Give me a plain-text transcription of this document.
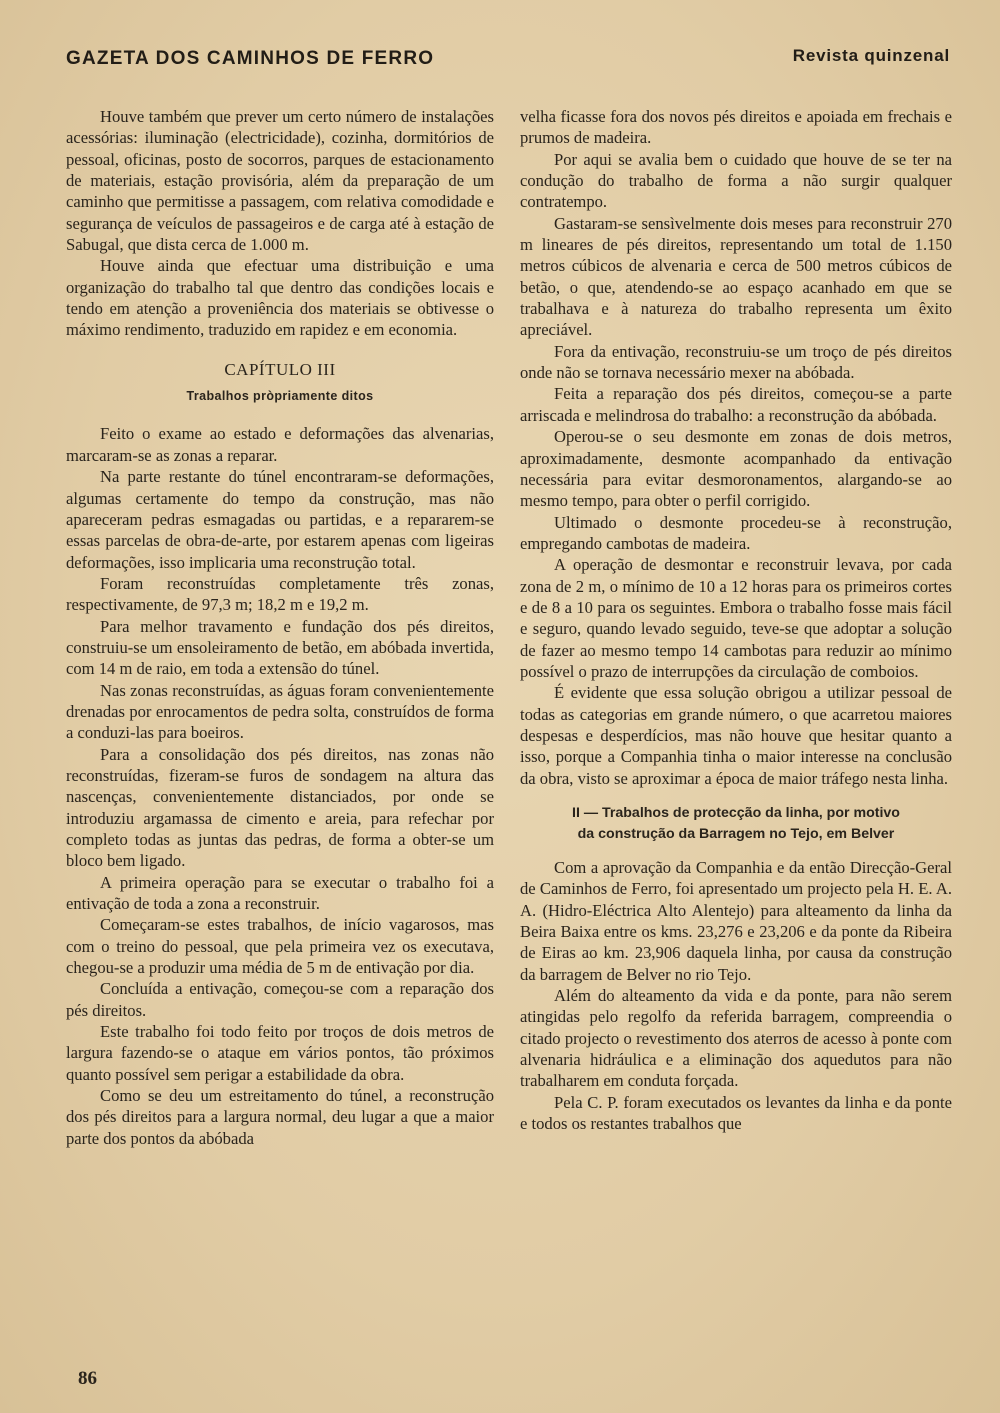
GAZETA DOS CAMINHOS DE FERRO	Revista quinzenal

Houve também que prever um certo número de instalações acessórias: iluminação (electricidade), cozinha, dormitórios de pessoal, oficinas, posto de socorros, parques de estacionamento de materiais, estação provisória, além da preparação de um caminho que permitisse a passagem, com relativa comodidade e segurança de veículos de passageiros e de carga até à estação de Sabugal, que dista cerca de 1.000 m.

Houve ainda que efectuar uma distribuição e uma organização do trabalho tal que dentro das condições locais e tendo em atenção a proveniência dos materiais se obtivesse o máximo rendimento, traduzido em rapidez e em economia.

CAPÍTULO III
Trabalhos pròpriamente ditos

Feito o exame ao estado e deformações das alvenarias, marcaram-se as zonas a reparar.

Na parte restante do túnel encontraram-se deformações, algumas certamente do tempo da construção, mas não apareceram pedras esmagadas ou partidas, e a repararem-se essas parcelas de obra-de-arte, por estarem apenas com ligeiras deformações, isso implicaria uma reconstrução total.

Foram reconstruídas completamente três zonas, respectivamente, de 97,3 m; 18,2 m e 19,2 m.

Para melhor travamento e fundação dos pés direitos, construiu-se um ensoleiramento de betão, em abóbada invertida, com 14 m de raio, em toda a extensão do túnel.

Nas zonas reconstruídas, as águas foram convenientemente drenadas por enrocamentos de pedra solta, construídos de forma a conduzi-las para boeiros.

Para a consolidação dos pés direitos, nas zonas não reconstruídas, fizeram-se furos de sondagem na altura das nascenças, convenientemente distanciados, por onde se introduziu argamassa de cimento e areia, para refechar por completo todas as juntas das pedras, de forma a obter-se um bloco bem ligado.

A primeira operação para se executar o trabalho foi a entivação de toda a zona a reconstruir.

Começaram-se estes trabalhos, de início vagarosos, mas com o treino do pessoal, que pela primeira vez os executava, chegou-se a produzir uma média de 5 m de entivação por dia.

Concluída a entivação, começou-se com a reparação dos pés direitos.

Este trabalho foi todo feito por troços de dois metros de largura fazendo-se o ataque em vários pontos, tão próximos quanto possível sem perigar a estabilidade da obra.

Como se deu um estreitamento do túnel, a reconstrução dos pés direitos para a largura normal, deu lugar a que a maior parte dos pontos da abóbada

velha ficasse fora dos novos pés direitos e apoiada em frechais e prumos de madeira.

Por aqui se avalia bem o cuidado que houve de se ter na condução do trabalho de forma a não surgir qualquer contratempo.

Gastaram-se sensìvelmente dois meses para reconstruir 270 m lineares de pés direitos, representando um total de 1.150 metros cúbicos de alvenaria e cerca de 500 metros cúbicos de betão, o que, atendendo-se ao espaço acanhado em que se trabalhava e à natureza do trabalho representa um êxito apreciável.

Fora da entivação, reconstruiu-se um troço de pés direitos onde não se tornava necessário mexer na abóbada.

Feita a reparação dos pés direitos, começou-se a parte arriscada e melindrosa do trabalho: a reconstrução da abóbada.

Operou-se o seu desmonte em zonas de dois metros, aproximadamente, desmonte acompanhado da entivação necessária para evitar desmoronamentos, alargando-se ao mesmo tempo, para obter o perfil corrigido.

Ultimado o desmonte procedeu-se à reconstrução, empregando cambotas de madeira.

A operação de desmontar e reconstruir levava, por cada zona de 2 m, o mínimo de 10 a 12 horas para os primeiros cortes e de 8 a 10 para os seguintes. Embora o trabalho fosse mais fácil e seguro, quando levado seguido, teve-se que adoptar a solução de fazer ao mesmo tempo 14 cambotas para reduzir ao mínimo possível o prazo de interrupções da circulação de comboios.

É evidente que essa solução obrigou a utilizar pessoal de todas as categorias em grande número, o que acarretou maiores despesas e desperdícios, mas não houve que hesitar quanto a isso, porque a Companhia tinha o maior interesse na conclusão da obra, visto se aproximar a época de maior tráfego nesta linha.

II — Trabalhos de protecção da linha, por motivo
da construção da Barragem no Tejo, em Belver

Com a aprovação da Companhia e da então Direcção-Geral de Caminhos de Ferro, foi apresentado um projecto pela H. E. A. A. (Hidro-Eléctrica Alto Alentejo) para alteamento da linha da Beira Baixa entre os kms. 23,276 e 23,206 e da ponte da Ribeira de Eiras ao km. 23,906 daquela linha, por causa da construção da barragem de Belver no rio Tejo.

Além do alteamento da vida e da ponte, para não serem atingidas pelo regolfo da referida barragem, compreendia o citado projecto o revestimento dos aterros de acesso à ponte com alvenaria hidráulica e a eliminação dos aquedutos para não trabalharem em conduta forçada.

Pela C. P. foram executados os levantes da linha e da ponte e todos os restantes trabalhos que

86
